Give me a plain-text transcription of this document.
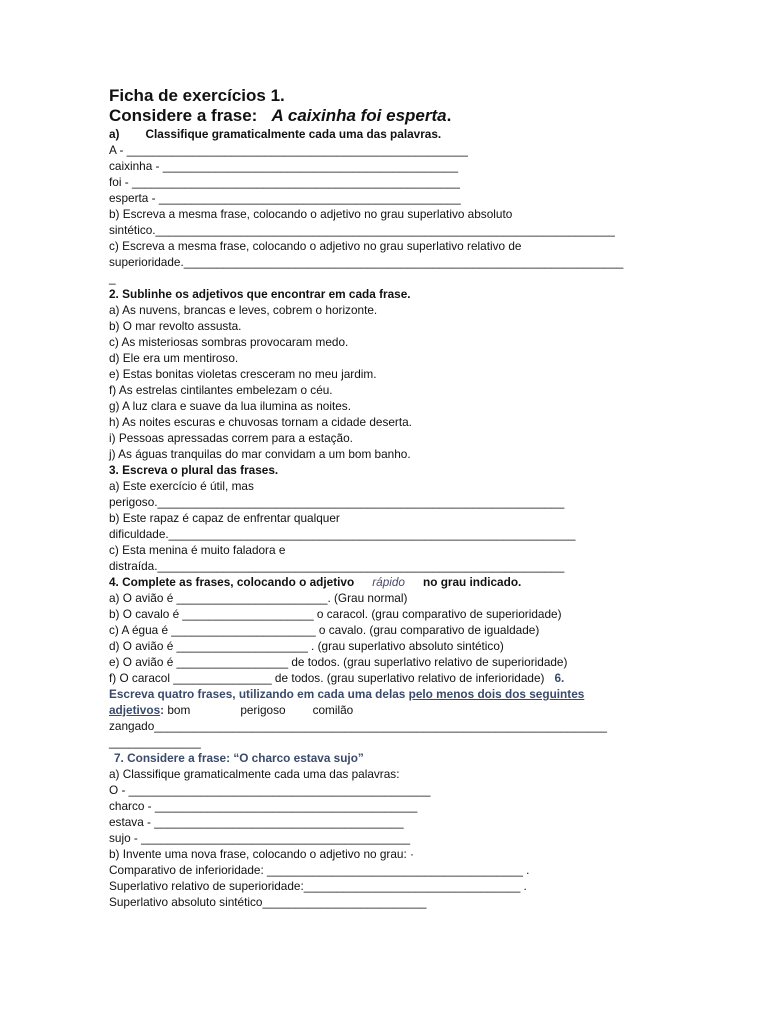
Ficha de exercícios 1.
Considere a frase: A caixinha foi esperta.
a) Classifique gramaticalmente cada uma das palavras.
A - ____________________________________________________
caixinha - _____________________________________________
foi - __________________________________________________
esperta - ______________________________________________
b) Escreva a mesma frase, colocando o adjetivo no grau superlativo absoluto
sintético.______________________________________________________________________
c) Escreva a mesma frase, colocando o adjetivo no grau superlativo relativo de
superioridade.___________________________________________________________________
_
2. Sublinhe os adjetivos que encontrar em cada frase.
a) As nuvens, brancas e leves, cobrem o horizonte.
b) O mar revolto assusta.
c) As misteriosas sombras provocaram medo.
d) Ele era um mentiroso.
e) Estas bonitas violetas cresceram no meu jardim.
f) As estrelas cintilantes embelezam o céu.
g) A luz clara e suave da lua ilumina as noites.
h) As noites escuras e chuvosas tornam a cidade deserta.
i) Pessoas apressadas correm para a estação.
j) As águas tranquilas do mar convidam a um bom banho.
3. Escreva o plural das frases.
a) Este exercício é útil, mas
perigoso.______________________________________________________________
b) Este rapaz é capaz de enfrentar qualquer
dificuldade.______________________________________________________________
c) Esta menina é muito faladora e
distraída.______________________________________________________________
4. Complete as frases, colocando o adjetivo rápido no grau indicado.
a) O avião é _______________________. (Grau normal)
b) O cavalo é ____________________ o caracol. (grau comparativo de superioridade)
c) A égua é ______________________ o cavalo. (grau comparativo de igualdade)
d) O avião é ____________________ . (grau superlativo absoluto sintético)
e) O avião é _________________ de todos. (grau superlativo relativo de superioridade)
f) O caracol _______________ de todos. (grau superlativo relativo de inferioridade) 6.
Escreva quatro frases, utilizando em cada uma delas pelo menos dois dos seguintes
adjetivos: bom	perigoso comilão
zangado_____________________________________________________________________
______________
7. Considere a frase: “O charco estava sujo”
a) Classifique gramaticalmente cada uma das palavras:
O - ______________________________________________
charco - ________________________________________
estava - ______________________________________
sujo - _________________________________________
b) Invente uma nova frase, colocando o adjetivo no grau: ·
Comparativo de inferioridade: _______________________________________ .
Superlativo relativo de superioridade:_________________________________ .
Superlativo absoluto sintético_________________________
